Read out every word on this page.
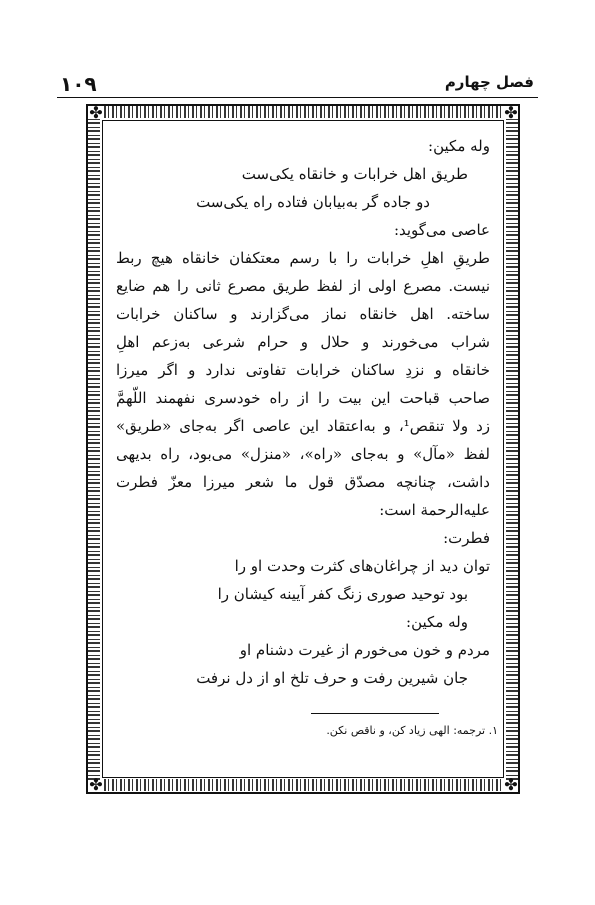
۱۰۹	فصل چهارم
✤	✤
✤	✤
وله مکین:
طریق اهل خرابات و خانقاه یکی‌ست
دو جاده گر به‌بیابان فتاده راه یکی‌ست
عاصی می‌گوید:
طریقِ اهلِ خرابات را با رسم معتکفان خانقاه هیچ ربط
نیست. مصرع اولی از لفظ طریق مصرع ثانی را هم ضایع
ساخته. اهل خانقاه نماز می‌گزارند و ساکنان خرابات
شراب می‌خورند و حلال و حرام شرعی به‌زعم اهلِ
خانقاه و نزدِ ساکنان خرابات تفاوتی ندارد و اگر میرزا
صاحب قباحت این بیت را از راه خودسری نفهمند اللّهمَّ
زد ولا تنقص¹، و به‌اعتقاد این عاصی اگر به‌جای «طریق»
لفظ «مآل» و به‌جای «راه»، «منزل» می‌بود، راه بدیهی
داشت، چنانچه مصدّق قول ما شعر میرزا معزّ فطرت
علیه‌الرحمة است:
فطرت:
توان دید از چراغان‌های کثرت وحدت او را
بود توحید صوری زنگ کفر آیینه کیشان را
وله مکین:
مردم و خون می‌خورم از غیرت دشنام او
جان شیرین رفت و حرف تلخ او از دل نرفت
۱. ترجمه: الهی زیاد کن، و ناقص نکن.
